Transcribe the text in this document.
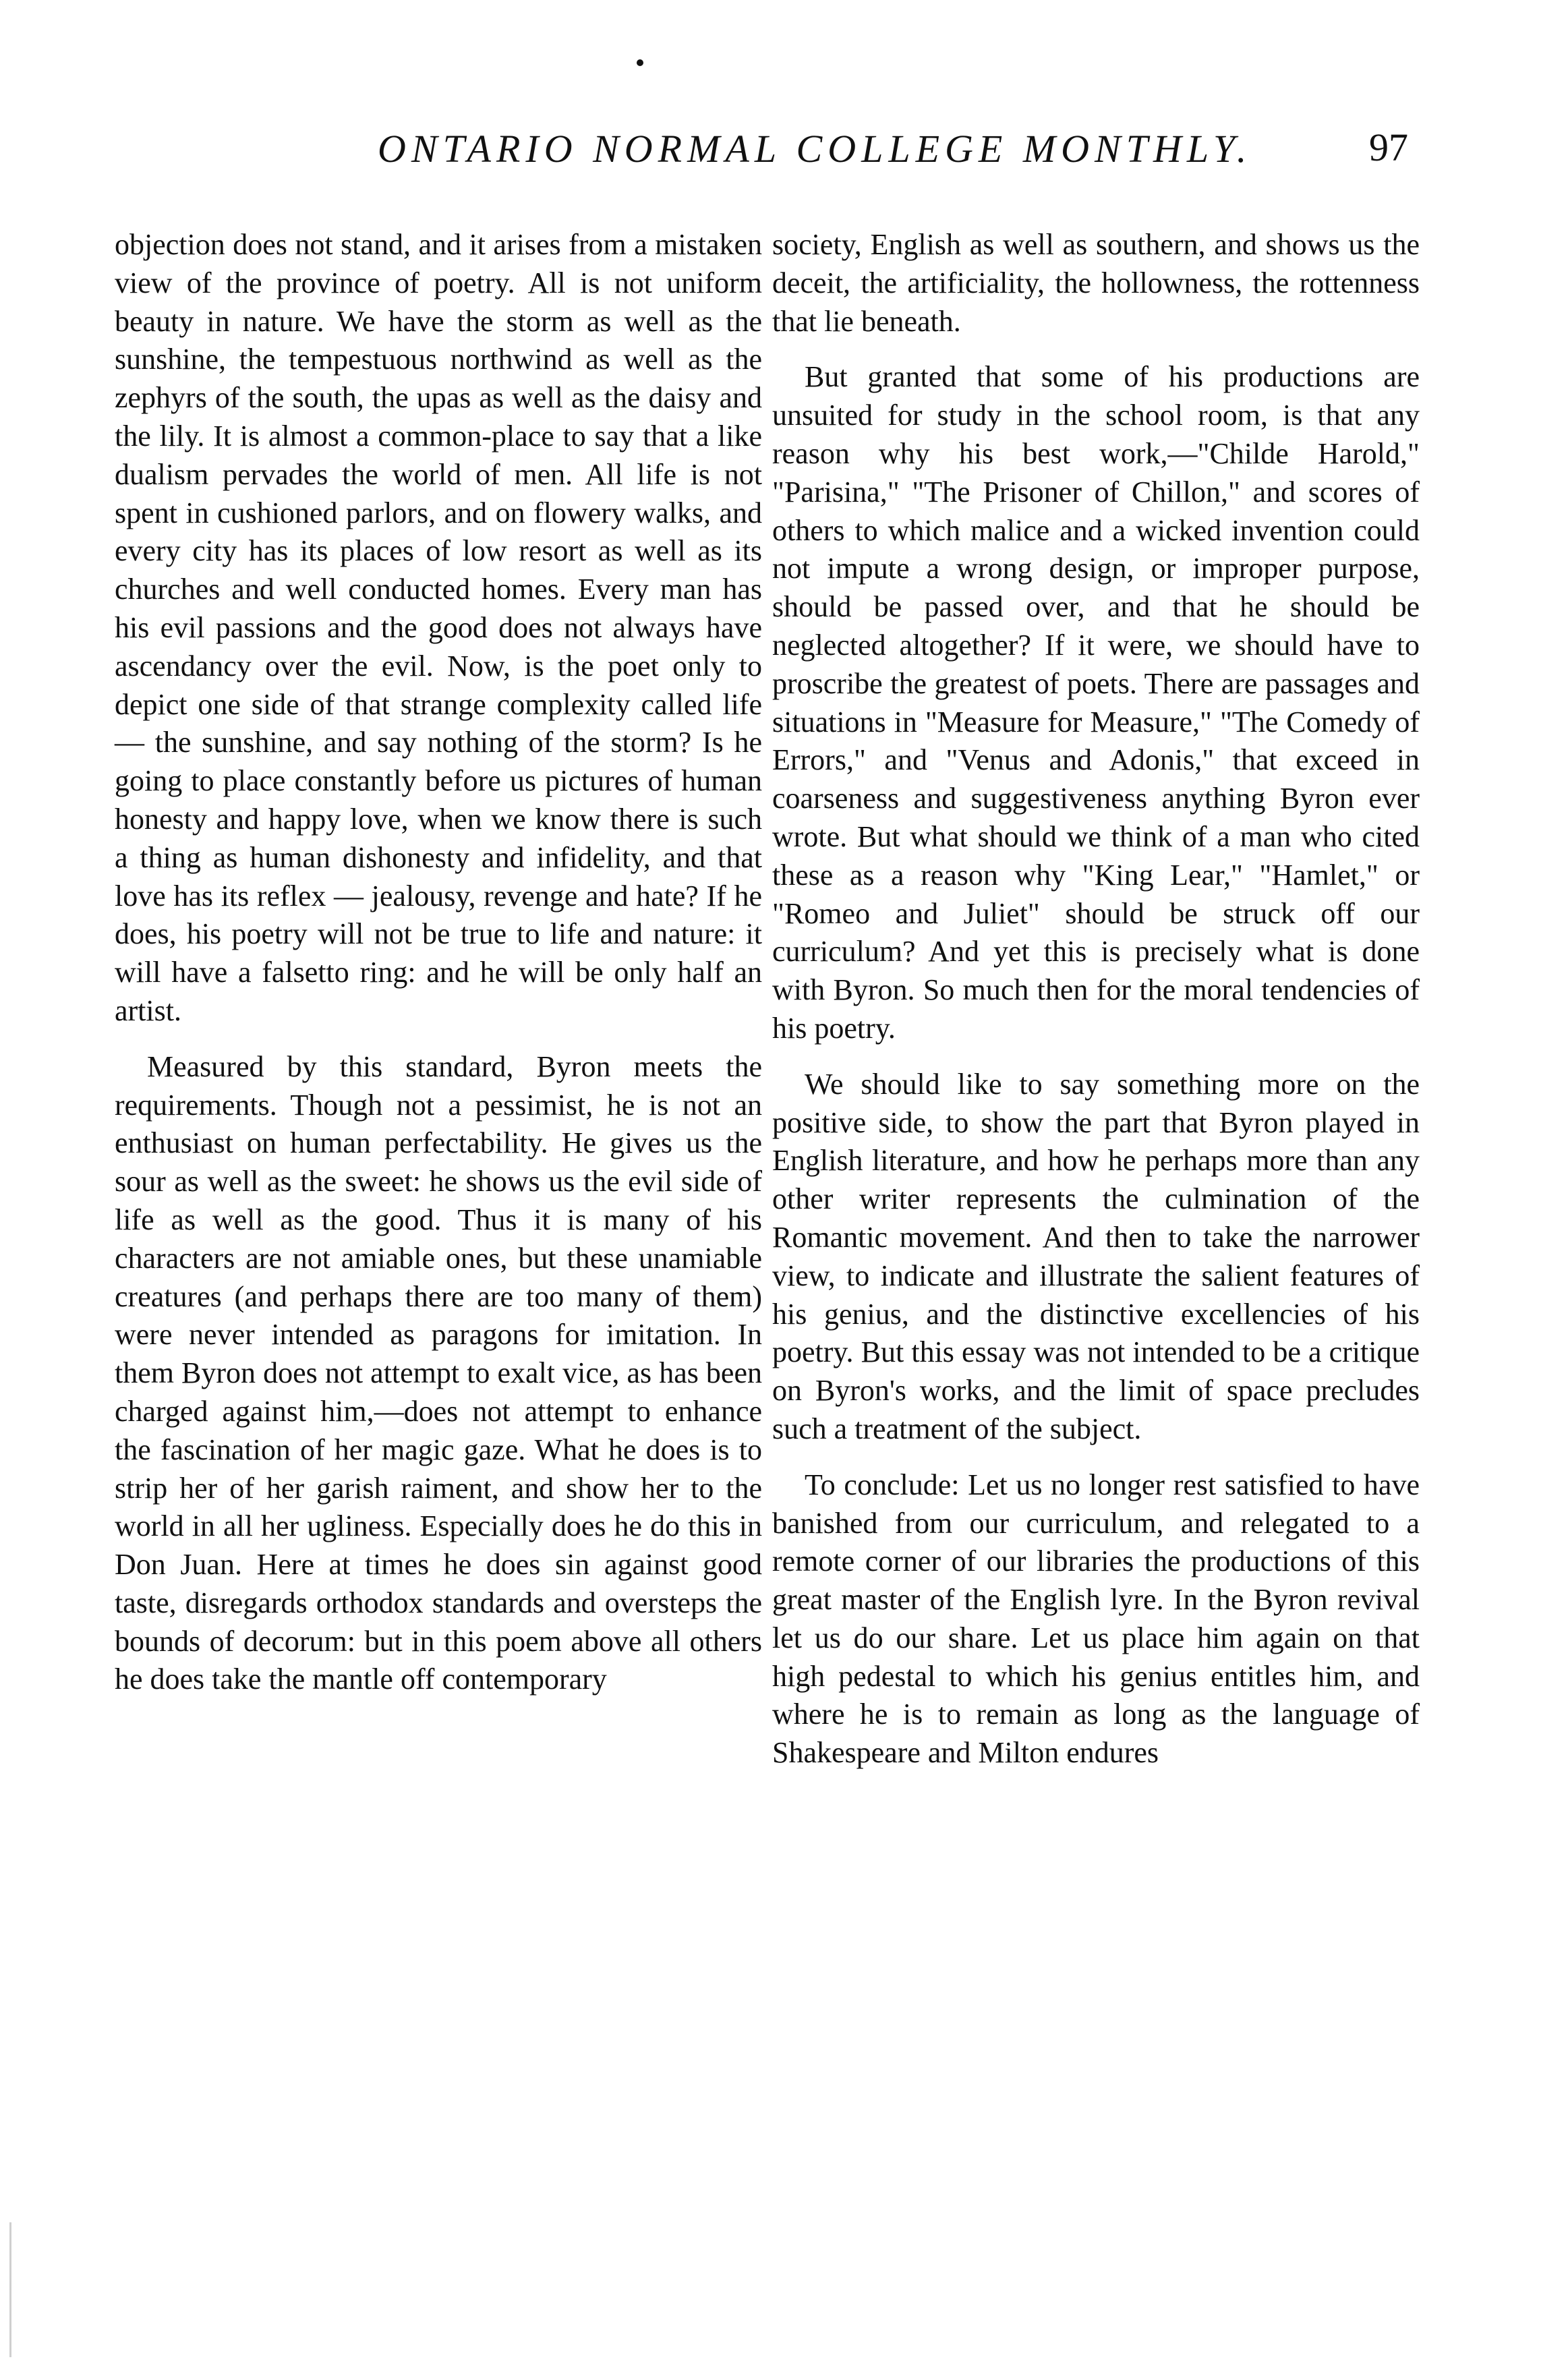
ONTARIO NORMAL COLLEGE MONTHLY.	97

objection does not stand, and it arises from a mistaken view of the province of poetry. All is not uniform beauty in nature. We have the storm as well as the sunshine, the tempestuous northwind as well as the zephyrs of the south, the upas as well as the daisy and the lily. It is almost a common-place to say that a like dualism pervades the world of men. All life is not spent in cushioned parlors, and on flowery walks, and every city has its places of low resort as well as its churches and well conducted homes. Every man has his evil passions and the good does not always have ascendancy over the evil. Now, is the poet only to depict one side of that strange complexity called life — the sunshine, and say nothing of the storm? Is he going to place constantly before us pictures of human honesty and happy love, when we know there is such a thing as human dishonesty and infidelity, and that love has its reflex — jealousy, revenge and hate? If he does, his poetry will not be true to life and nature: it will have a falsetto ring: and he will be only half an artist.

Measured by this standard, Byron meets the requirements. Though not a pessimist, he is not an enthusiast on human perfectability. He gives us the sour as well as the sweet: he shows us the evil side of life as well as the good. Thus it is many of his characters are not amiable ones, but these unamiable creatures (and perhaps there are too many of them) were never intended as paragons for imitation. In them Byron does not attempt to exalt vice, as has been charged against him,—does not attempt to enhance the fascination of her magic gaze. What he does is to strip her of her garish raiment, and show her to the world in all her ugliness. Especially does he do this in Don Juan. Here at times he does sin against good taste, disregards orthodox standards and oversteps the bounds of decorum: but in this poem above all others he does take the mantle off contemporary

society, English as well as southern, and shows us the deceit, the artificiality, the hollowness, the rottenness that lie beneath.

But granted that some of his productions are unsuited for study in the school room, is that any reason why his best work,—"Childe Harold," "Parisina," "The Prisoner of Chillon," and scores of others to which malice and a wicked invention could not impute a wrong design, or improper purpose, should be passed over, and that he should be neglected altogether? If it were, we should have to proscribe the greatest of poets. There are passages and situations in "Measure for Measure," "The Comedy of Errors," and "Venus and Adonis," that exceed in coarseness and suggestiveness anything Byron ever wrote. But what should we think of a man who cited these as a reason why "King Lear," "Hamlet," or "Romeo and Juliet" should be struck off our curriculum? And yet this is precisely what is done with Byron. So much then for the moral tendencies of his poetry.

We should like to say something more on the positive side, to show the part that Byron played in English literature, and how he perhaps more than any other writer represents the culmination of the Romantic movement. And then to take the narrower view, to indicate and illustrate the salient features of his genius, and the distinctive excellencies of his poetry. But this essay was not intended to be a critique on Byron's works, and the limit of space precludes such a treatment of the subject.

To conclude: Let us no longer rest satisfied to have banished from our curriculum, and relegated to a remote corner of our libraries the productions of this great master of the English lyre. In the Byron revival let us do our share. Let us place him again on that high pedestal to which his genius entitles him, and where he is to remain as long as the language of Shakespeare and Milton endures
